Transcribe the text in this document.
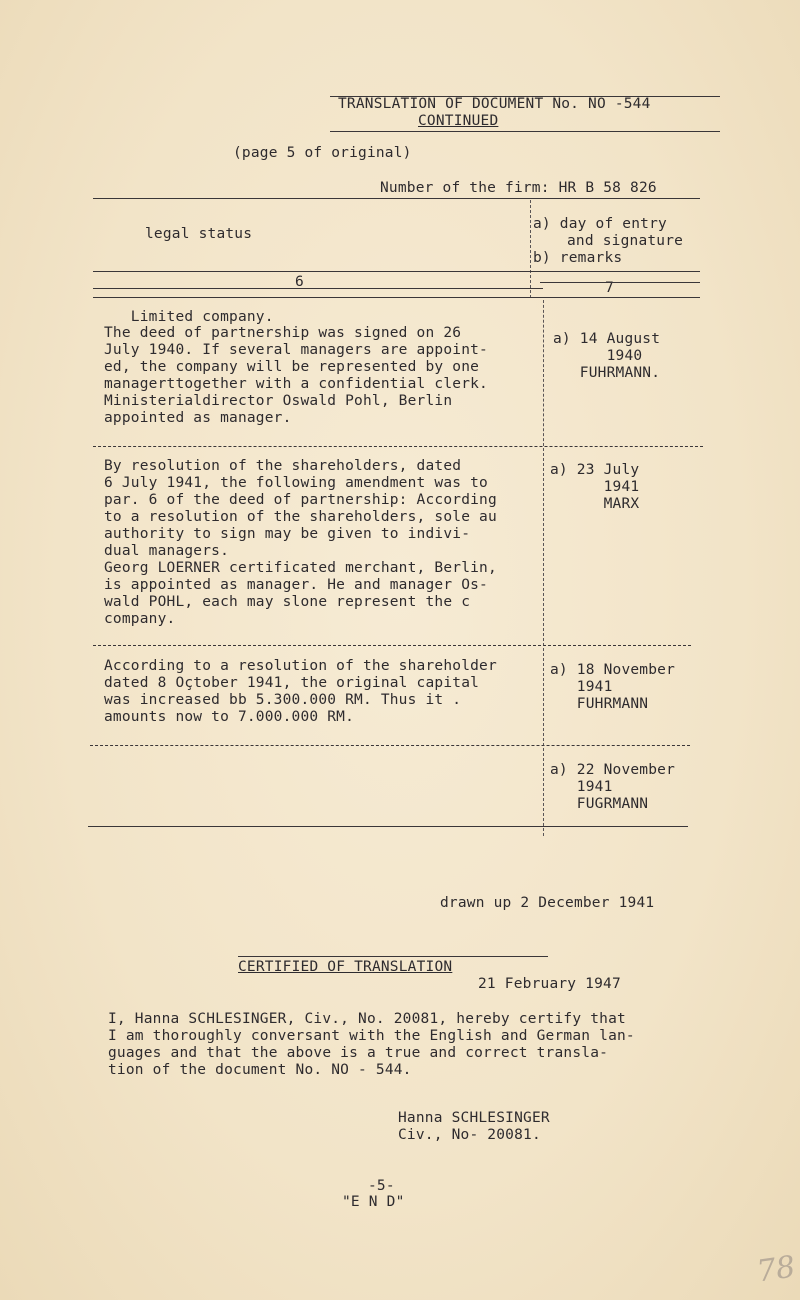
TRANSLATION OF DOCUMENT No. NO -544
CONTINUED
(page 5 of original)
Number of the firm: HR B 58 826
legal status
a) day of entry
and signature
b) remarks
6	7
Limited company.
The deed of partnership was signed on 26
July 1940. If several managers are appoint-
ed, the company will be represented by one
managerttogether with a confidential clerk.
Ministerialdirector Oswald Pohl, Berlin
appointed as manager.
a) 14 August
1940
FUHRMANN.
By resolution of the shareholders, dated
6 July 1941, the following amendment was to
par. 6 of the deed of partnership: According
to a resolution of the shareholders, sole au
authority to sign may be given to indivi-
dual managers.
Georg LOERNER certificated merchant, Berlin,
is appointed as manager. He and manager Os-
wald POHL, each may slone represent the c
company.
a) 23 July
1941
MARX
According to a resolution of the shareholder
dated 8 Oçtober 1941, the original capital
was increased bb 5.300.000 RM. Thus it .
amounts now to 7.000.000 RM.
a) 18 November
1941
FUHRMANN
a) 22 November
1941
FUGRMANN
drawn up 2 December 1941
CERTIFIED OF TRANSLATION
21 February 1947
I, Hanna SCHLESINGER, Civ., No. 20081, hereby certify that
I am thoroughly conversant with the English and German lan-
guages and that the above is a true and correct transla-
tion of the document No. NO - 544.
Hanna SCHLESINGER
Civ., No- 20081.
-5-
"E N D"
78
